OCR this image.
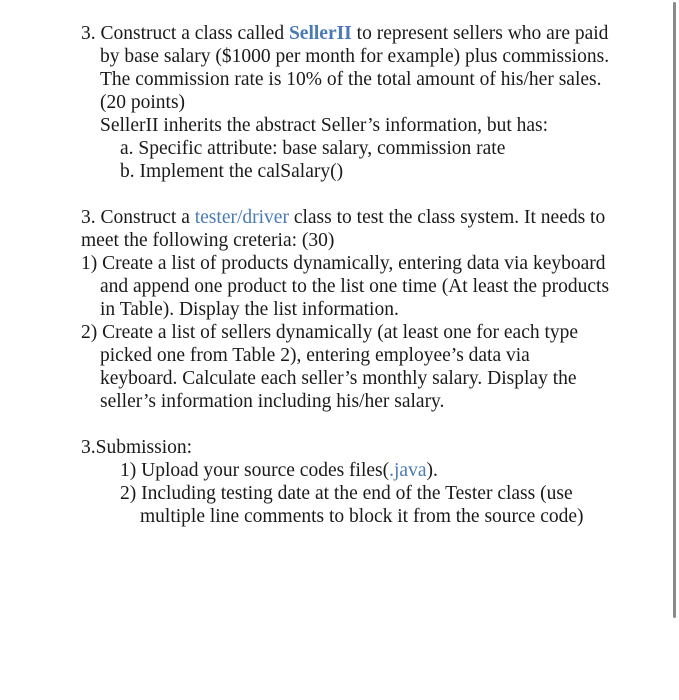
3. Construct a class called SellerII to represent sellers who are paid
by base salary ($1000 per month for example) plus commissions.
The commission rate is 10% of the total amount of his/her sales.
(20 points)
SellerII inherits the abstract Seller’s information, but has:
a. Specific attribute: base salary, commission rate
b. Implement the calSalary()
3. Construct a tester/driver class to test the class system. It needs to
meet the following creteria: (30)
1) Create a list of products dynamically, entering data via keyboard
and append one product to the list one time (At least the products
in Table). Display the list information.
2) Create a list of sellers dynamically (at least one for each type
picked one from Table 2), entering employee’s data via
keyboard. Calculate each seller’s monthly salary. Display the
seller’s information including his/her salary.
3.Submission:
1) Upload your source codes files(.java).
2) Including testing date at the end of the Tester class (use
multiple line comments to block it from the source code)
